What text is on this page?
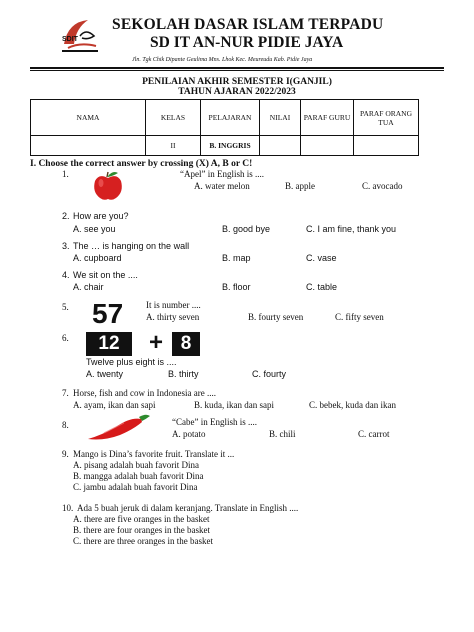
SDIT
SEKOLAH DASAR ISLAM TERPADU
SD IT AN-NUR PIDIE JAYA
Jln. Tgk Chik Dipante Geulima Mns. Lhok Kec. Meureudu Kab. Pidie Jaya
PENILAIAN AKHIR SEMESTER I(GANJIL)
TAHUN AJARAN 2022/2023
NAMA	KELAS	PELAJARAN	NILAI	PARAF GURU	PARAF ORANG TUA
	II	B. INGGRIS			
I. Choose the correct answer by crossing (X) A, B or C!
1.	“Apel” in English is ....
A. water melon	B. apple	C. avocado
2. How are you?
A. see you	B. good bye	C. I am fine, thank you
3. The … is hanging on the wall
A. cupboard	B. map	C. vase
4. We sit on the ....
A. chair	B. floor	C. table
5. 57	It is number ....
A. thirty seven	B. fourty seven	C. fifty seven
6.	12	+ 8
Twelve plus eight is ....
A. twenty	B. thirty	C. fourty
7. Horse, fish and cow in Indonesia are ....
A. ayam, ikan dan sapi	B. kuda, ikan dan sapi	C. bebek, kuda dan ikan
8.	“Cabe” in English is ....
A. potato	B. chili	C. carrot
9. Mango is Dina’s favorite fruit. Translate it ...
A. pisang adalah buah favorit Dina
B. mangga adalah buah favorit Dina
C. jambu adalah buah favorit Dina
10. Ada 5 buah jeruk di dalam keranjang. Translate in English ....
A. there are five oranges in the basket
B. there are four oranges in the basket
C. there are three oranges in the basket
